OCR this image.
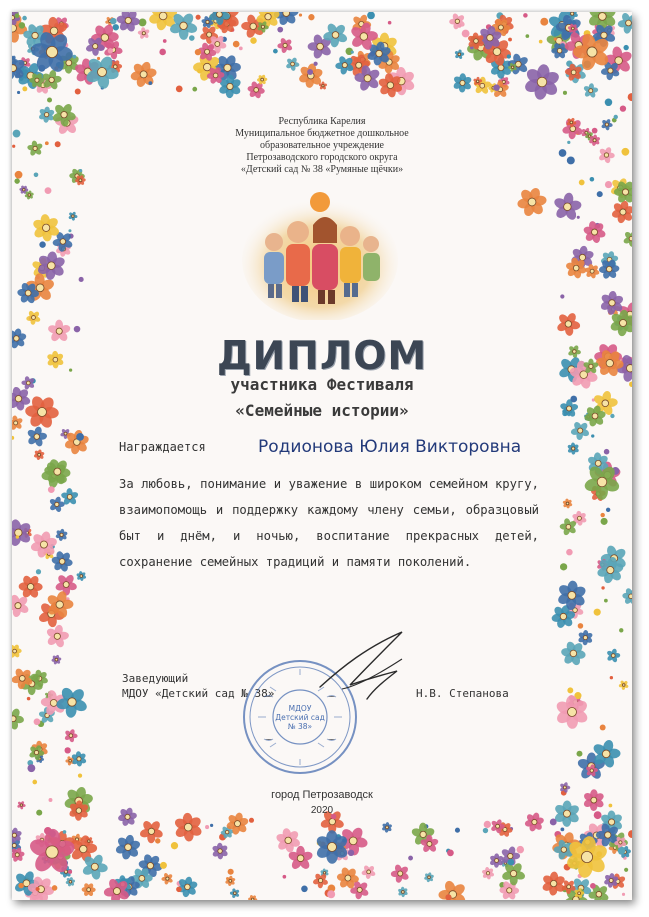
Республика Карелия
Муниципальное бюджетное дошкольное
образовательное учреждение
Петрозаводского городского округа
«Детский сад № 38 «Румяные щёчки»
ДИПЛОМ
участника Фестиваля
«Семейные истории»
Награждается	Родионова Юлия Викторовна
За любовь, понимание и уважение в широком семейном кругу, взаимопомощь и поддержку каждому члену семьи, образцовый быт и днём, и ночью, воспитание прекрасных детей, сохранение семейных традиций и памяти поколений.
Заведующий
МДОУ «Детский сад № 38»	Н.В. Степанова
МДОУ
Детский сад
№ 38»
город Петрозаводск
2020
